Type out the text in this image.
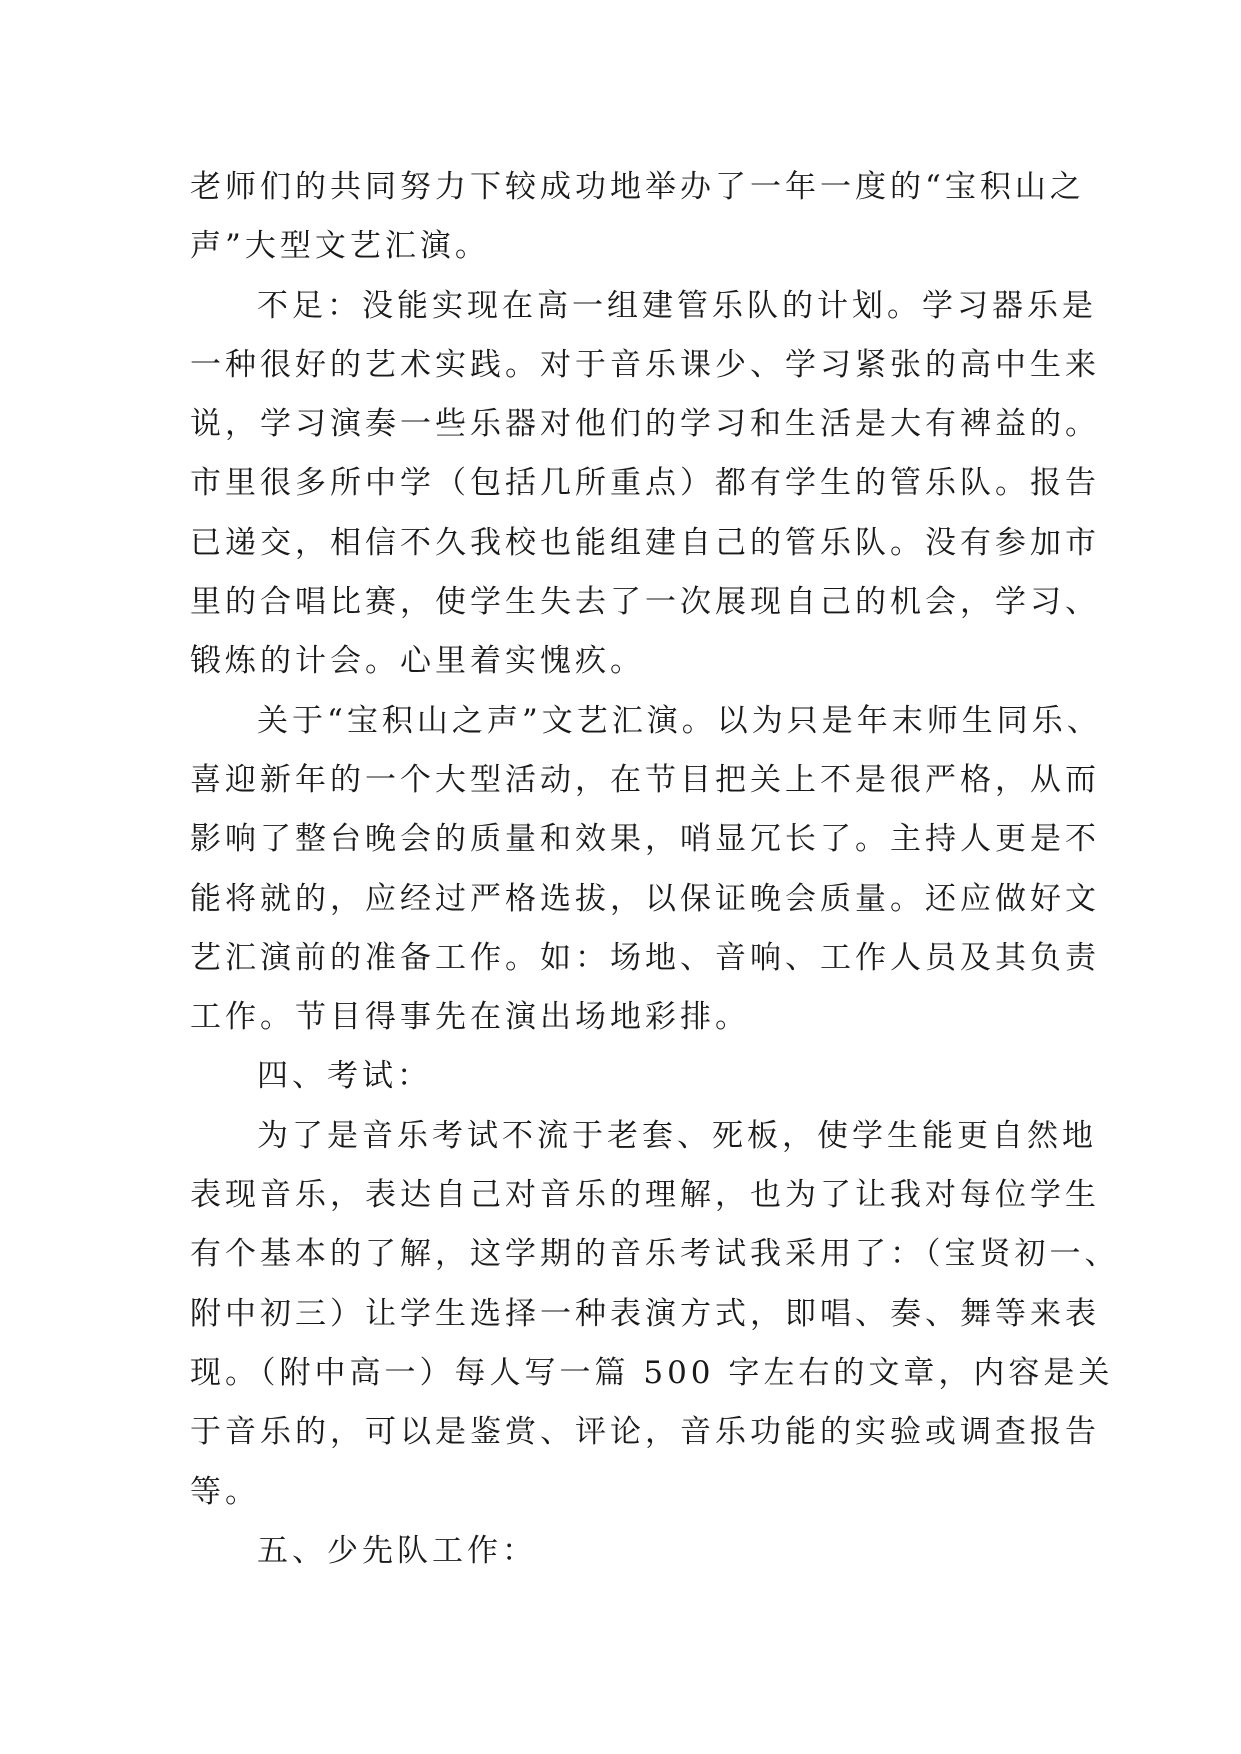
老师们的共同努力下较成功地举办了一年一度的“宝积山之
声”大型文艺汇演。
不足：没能实现在高一组建管乐队的计划。学习器乐是
一种很好的艺术实践。对于音乐课少、学习紧张的高中生来
说，学习演奏一些乐器对他们的学习和生活是大有裨益的。
市里很多所中学（包括几所重点）都有学生的管乐队。报告
已递交，相信不久我校也能组建自己的管乐队。没有参加市
里的合唱比赛，使学生失去了一次展现自己的机会，学习、
锻炼的计会。心里着实愧疚。
关于“宝积山之声”文艺汇演。以为只是年末师生同乐、
喜迎新年的一个大型活动，在节目把关上不是很严格，从而
影响了整台晚会的质量和效果，哨显冗长了。主持人更是不
能将就的，应经过严格选拔，以保证晚会质量。还应做好文
艺汇演前的准备工作。如：场地、音响、工作人员及其负责
工作。节目得事先在演出场地彩排。
四、考试：
为了是音乐考试不流于老套、死板，使学生能更自然地
表现音乐，表达自己对音乐的理解，也为了让我对每位学生
有个基本的了解，这学期的音乐考试我采用了：（宝贤初一、
附中初三）让学生选择一种表演方式，即唱、奏、舞等来表
现。（附中高一）每人写一篇 500 字左右的文章，内容是关
于音乐的，可以是鉴赏、评论，音乐功能的实验或调查报告
等。
五、少先队工作：
